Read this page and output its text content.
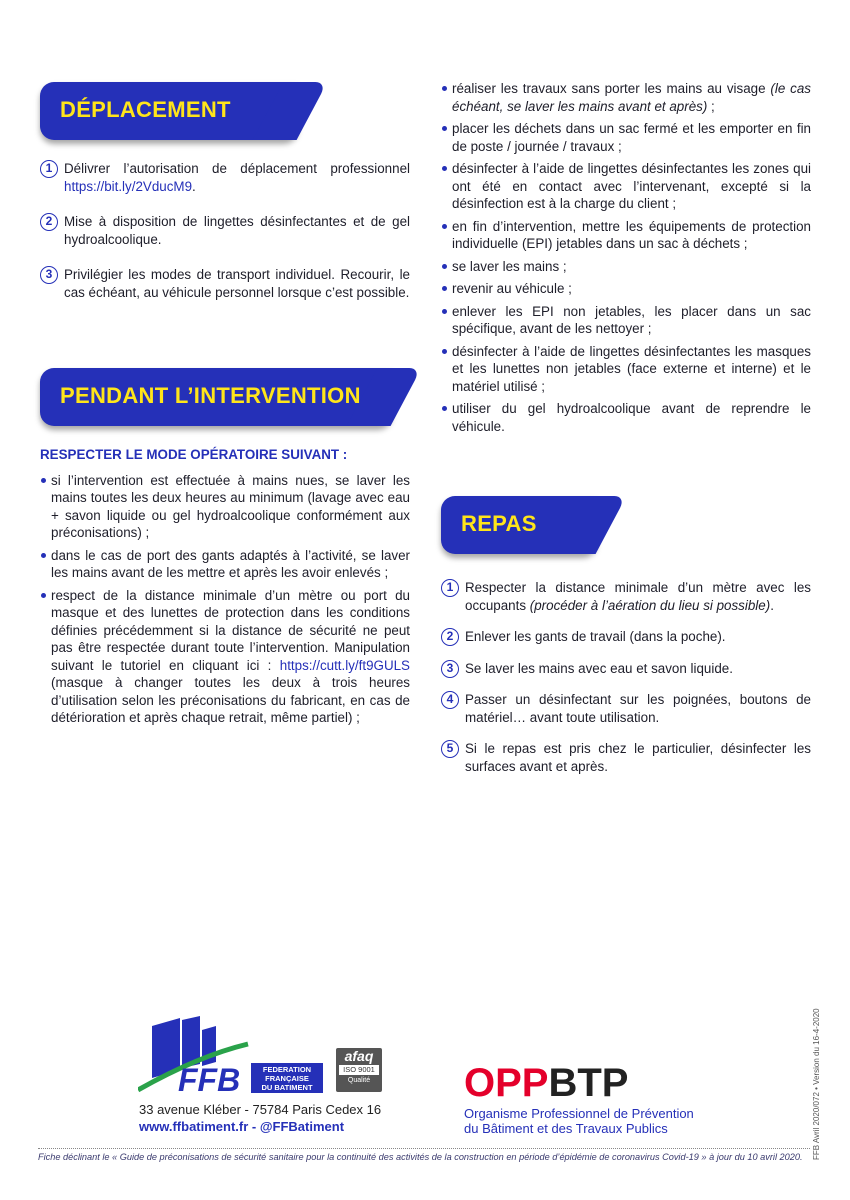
DÉPLACEMENT
1 Délivrer l’autorisation de déplacement professionnel https://bit.ly/2VducM9.
2 Mise à disposition de lingettes désinfectantes et de gel hydroalcoolique.
3 Privilégier les modes de transport individuel. Recourir, le cas échéant, au véhicule personnel lorsque c’est possible.
PENDANT L’INTERVENTION
RESPECTER LE MODE OPÉRATOIRE SUIVANT :
si l’intervention est effectuée à mains nues, se laver les mains toutes les deux heures au minimum (lavage avec eau + savon liquide ou gel hydroalcoolique conformément aux préconisations) ;
dans le cas de port des gants adaptés à l’activité, se laver les mains avant de les mettre et après les avoir enlevés ;
respect de la distance minimale d’un mètre ou port du masque et des lunettes de protection dans les conditions définies précédemment si la distance de sécurité ne peut pas être respectée durant toute l’intervention. Manipulation suivant le tutoriel en cliquant ici : https://cutt.ly/ft9GULS (masque à changer toutes les deux à trois heures d’utilisation selon les préconisations du fabricant, en cas de détérioration et après chaque retrait, même partiel) ;
réaliser les travaux sans porter les mains au visage (le cas échéant, se laver les mains avant et après) ;
placer les déchets dans un sac fermé et les emporter en fin de poste / journée / travaux ;
désinfecter à l’aide de lingettes désinfectantes les zones qui ont été en contact avec l’intervenant, excepté si la désinfection est à la charge du client ;
en fin d’intervention, mettre les équipements de protection individuelle (EPI) jetables dans un sac à déchets ;
se laver les mains ;
revenir au véhicule ;
enlever les EPI non jetables, les placer dans un sac spécifique, avant de les nettoyer ;
désinfecter à l’aide de lingettes désinfectantes les masques et les lunettes non jetables (face externe et interne) et le matériel utilisé ;
utiliser du gel hydroalcoolique avant de reprendre le véhicule.
REPAS
1 Respecter la distance minimale d’un mètre avec les occupants (procéder à l’aération du lieu si possible).
2 Enlever les gants de travail (dans la poche).
3 Se laver les mains avec eau et savon liquide.
4 Passer un désinfectant sur les poignées, boutons de matériel… avant toute utilisation.
5 Si le repas est pris chez le particulier, désinfecter les surfaces avant et après.
FFB	FEDERATION
FRANÇAISE
DU BATIMENT
afaq
ISO 9001
Qualité
33 avenue Kléber - 75784 Paris Cedex 16
www.ffbatiment.fr - @FFBatiment
OPPBTP
Organisme Professionnel de Prévention
du Bâtiment et des Travaux Publics
Fiche déclinant le « Guide de préconisations de sécurité sanitaire pour la continuité des activités de la construction en période d’épidémie de coronavirus Covid-19 » à jour du 10 avril 2020. FFB Avril 2020/072 • Version du 16-4-2020
